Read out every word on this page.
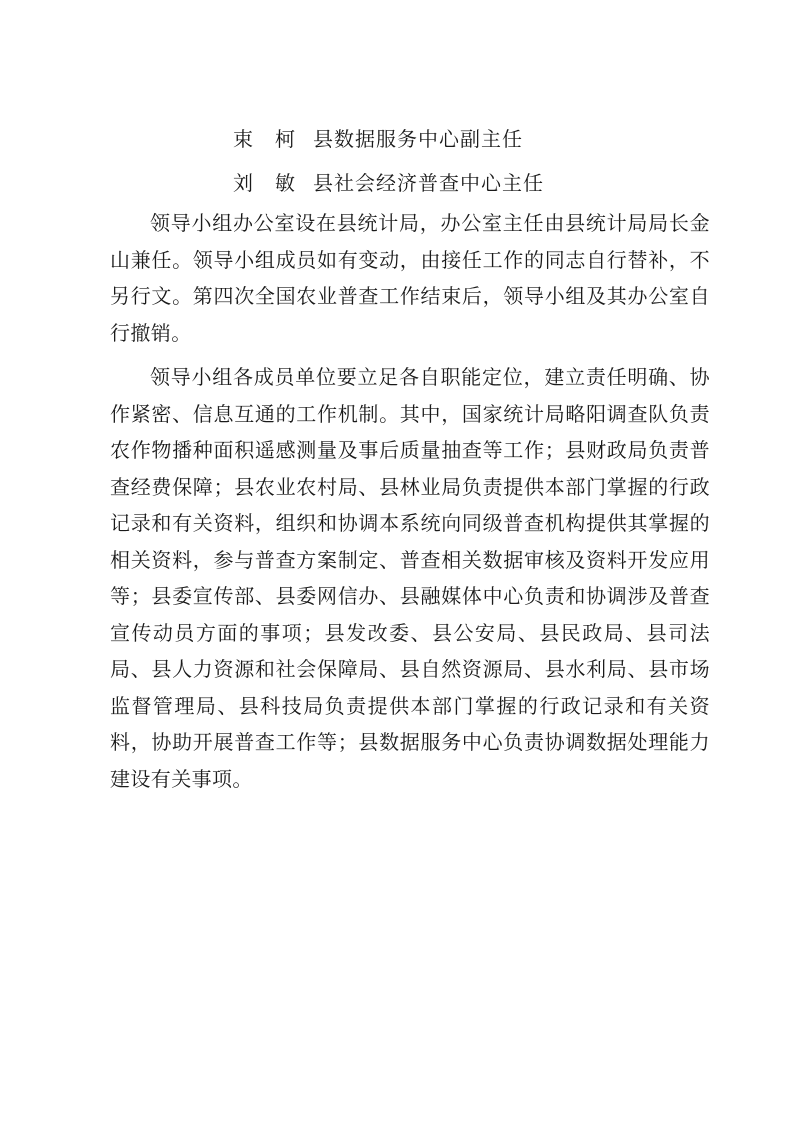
束　柯 县数据服务中心副主任
刘　敏 县社会经济普查中心主任

领导小组办公室设在县统计局，办公室主任由县统计局局长金山兼任。领导小组成员如有变动，由接任工作的同志自行替补，不另行文。第四次全国农业普查工作结束后，领导小组及其办公室自行撤销。

领导小组各成员单位要立足各自职能定位，建立责任明确、协作紧密、信息互通的工作机制。其中，国家统计局略阳调查队负责农作物播种面积遥感测量及事后质量抽查等工作；县财政局负责普查经费保障；县农业农村局、县林业局负责提供本部门掌握的行政记录和有关资料，组织和协调本系统向同级普查机构提供其掌握的相关资料，参与普查方案制定、普查相关数据审核及资料开发应用等；县委宣传部、县委网信办、县融媒体中心负责和协调涉及普查宣传动员方面的事项；县发改委、县公安局、县民政局、县司法局、县人力资源和社会保障局、县自然资源局、县水利局、县市场监督管理局、县科技局负责提供本部门掌握的行政记录和有关资料，协助开展普查工作等；县数据服务中心负责协调数据处理能力建设有关事项。
